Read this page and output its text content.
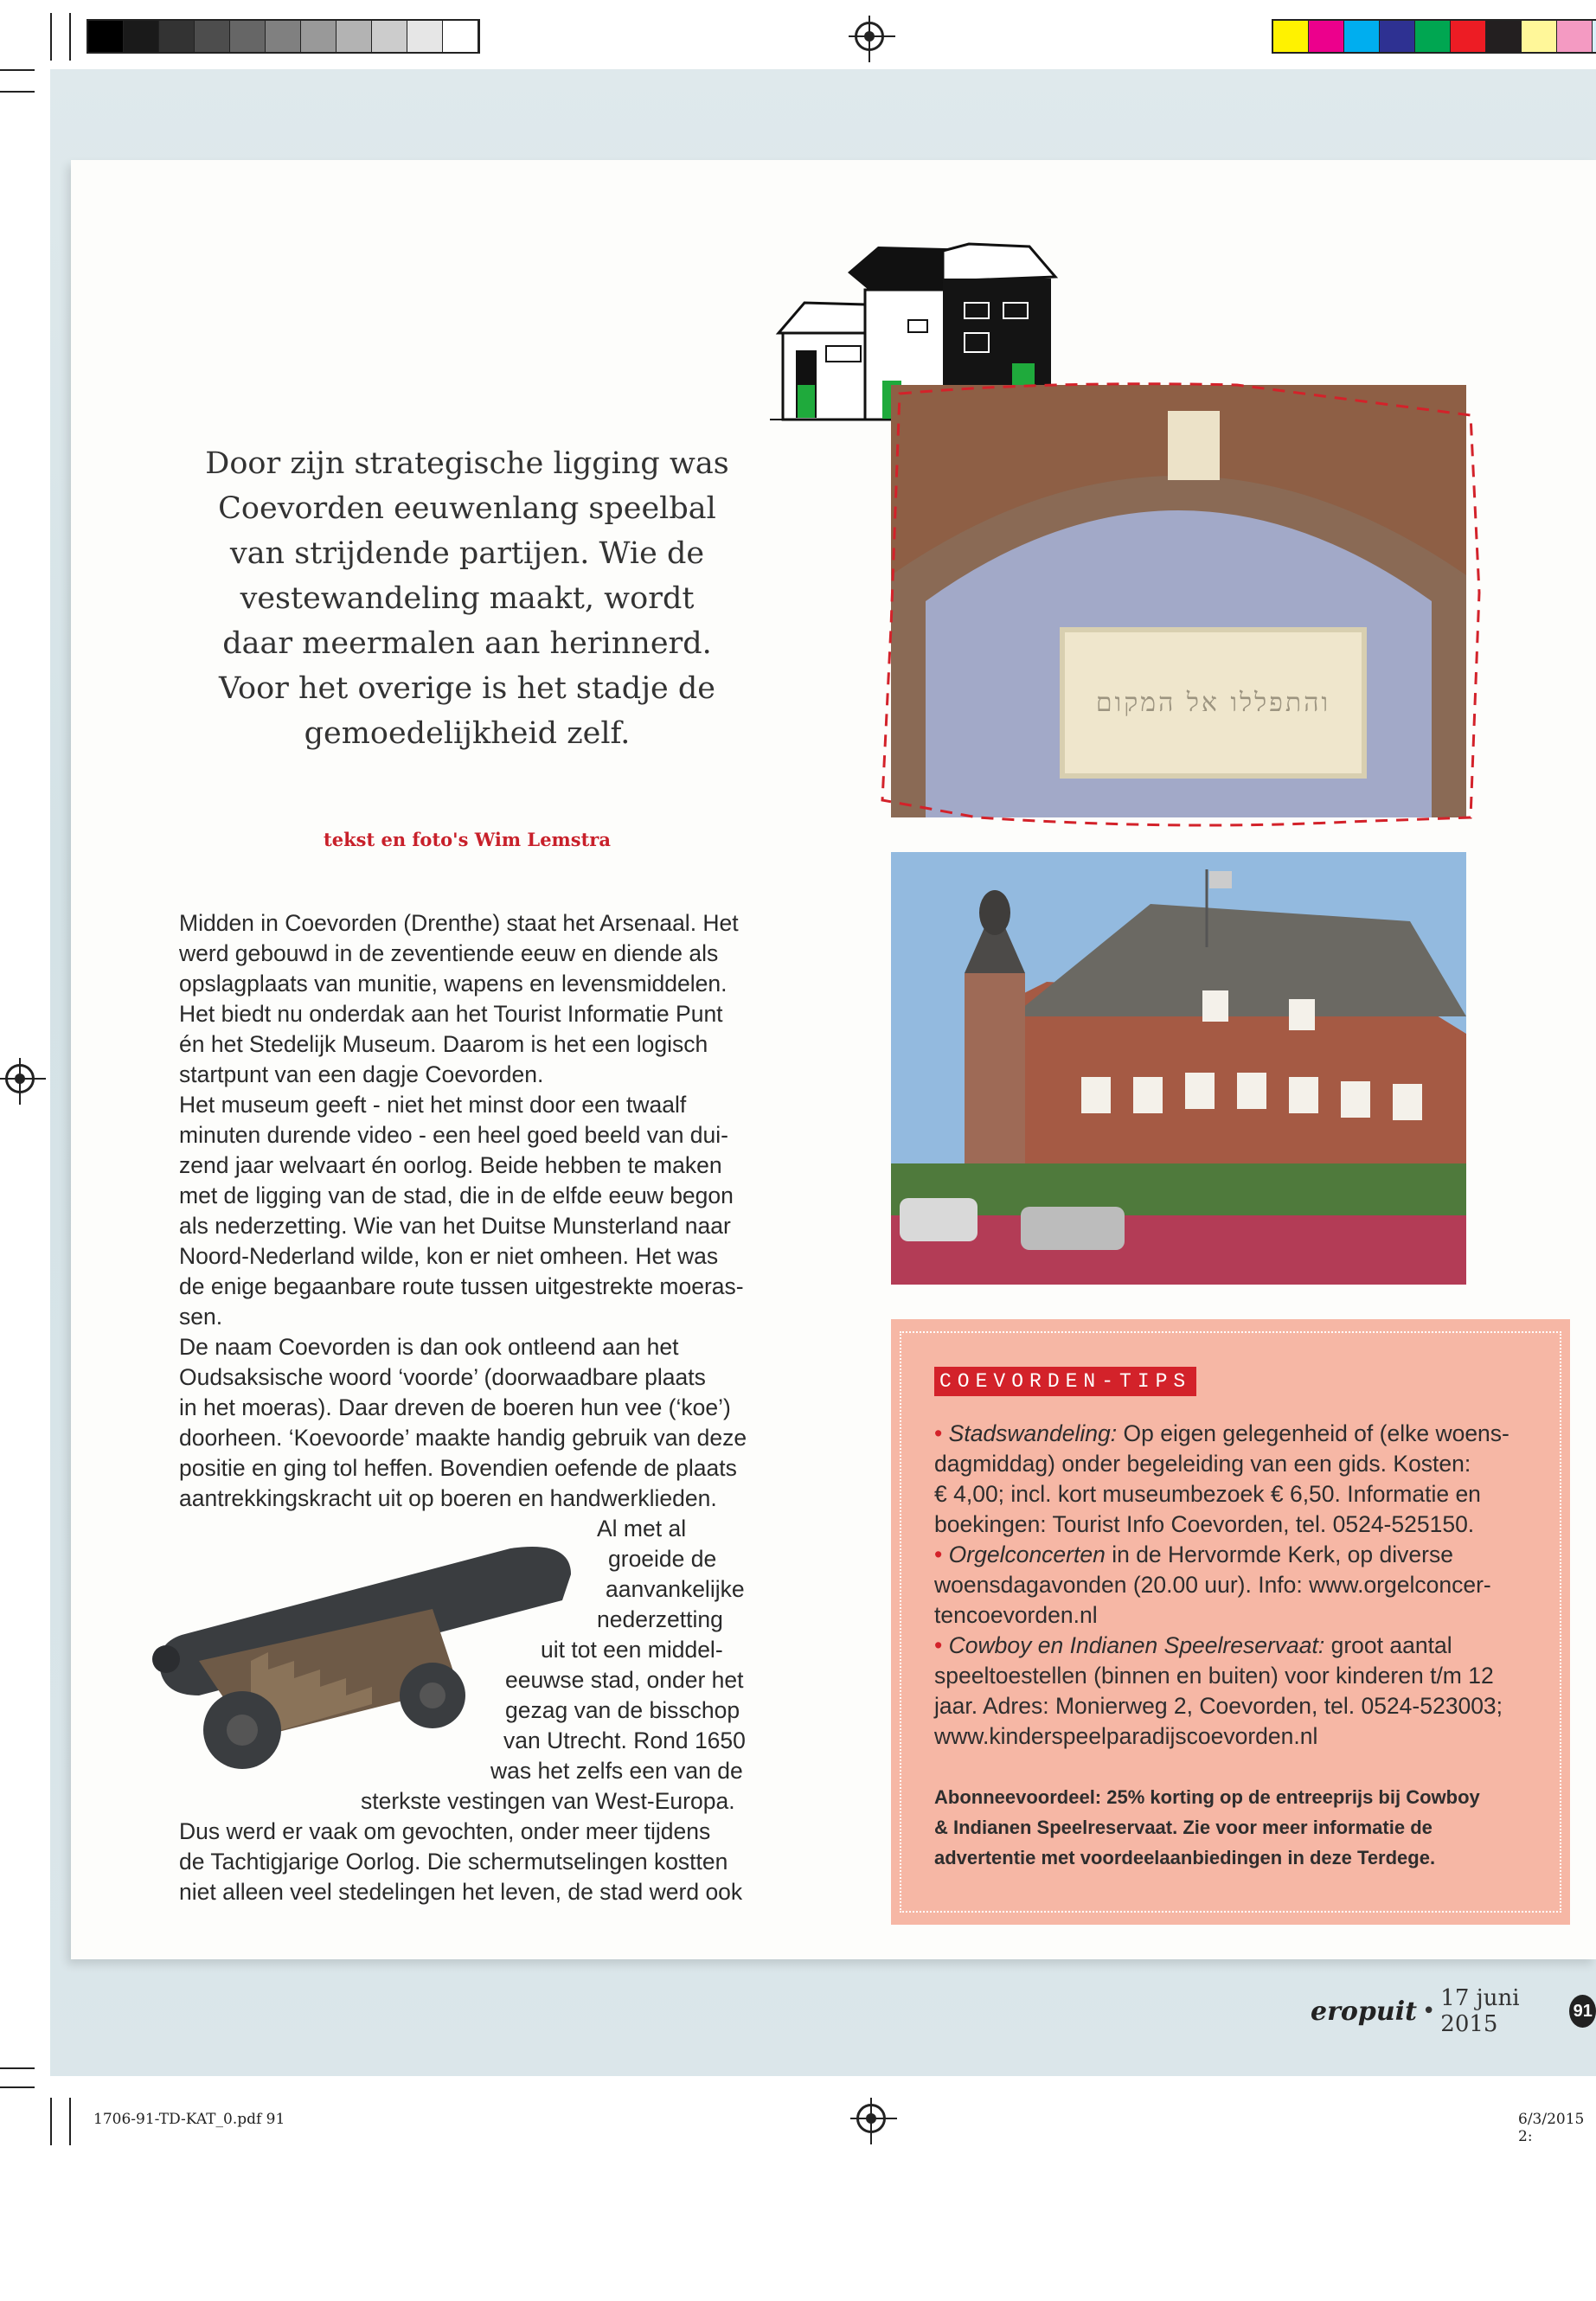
והתפללו אל המקום
Door zijn strategische ligging was
Coevorden eeuwenlang speelbal
van strijdende partijen. Wie de
vestewandeling maakt, wordt
daar meermalen aan herinnerd.
Voor het overige is het stadje de
gemoedelijkheid zelf.
tekst en foto's Wim Lemstra
Midden in Coevorden (Drenthe) staat het Arsenaal. Het
werd gebouwd in de zeventiende eeuw en diende als
opslagplaats van munitie, wapens en levensmiddelen.
Het biedt nu onderdak aan het Tourist Informatie Punt
én het Stedelijk Museum. Daarom is het een logisch
startpunt van een dagje Coevorden.
Het museum geeft - niet het minst door een twaalf
minuten durende video - een heel goed beeld van dui-
zend jaar welvaart én oorlog. Beide hebben te maken
met de ligging van de stad, die in de elfde eeuw begon
als nederzetting. Wie van het Duitse Munsterland naar
Noord-Nederland wilde, kon er niet omheen. Het was
de enige begaanbare route tussen uitgestrekte moeras-
sen.
De naam Coevorden is dan ook ontleend aan het
Oudsaksische woord ‘voorde’ (doorwaadbare plaats
in het moeras). Daar dreven de boeren hun vee (‘koe’)
doorheen. ‘Koevoorde’ maakte handig gebruik van deze
positie en ging tol heffen. Bovendien oefende de plaats
aantrekkingskracht uit op boeren en handwerklieden.
Al met al
groeide de
aanvankelijke
nederzetting
uit tot een middel-
eeuwse stad, onder het
gezag van de bisschop
van Utrecht. Rond 1650
was het zelfs een van de
sterkste vestingen van West-Europa.
Dus werd er vaak om gevochten, onder meer tijdens
de Tachtigjarige Oorlog. Die schermutselingen kostten
niet alleen veel stedelingen het leven, de stad werd ook
COEVORDEN-TIPS
• Stadswandeling: Op eigen gelegenheid of (elke woens-
dagmiddag) onder begeleiding van een gids. Kosten:
€ 4,00; incl. kort museumbezoek € 6,50. Informatie en
boekingen: Tourist Info Coevorden, tel. 0524-525150.
• Orgelconcerten in de Hervormde Kerk, op diverse
woensdagavonden (20.00 uur). Info: www.orgelconcer-
tencoevorden.nl
• Cowboy en Indianen Speelreservaat: groot aantal
speeltoestellen (binnen en buiten) voor kinderen t/m 12
jaar. Adres: Monierweg 2, Coevorden, tel. 0524-523003;
www.kinderspeelparadijscoevorden.nl
Abonneevoordeel: 25% korting op de entreeprijs bij Cowboy
& Indianen Speelreservaat. Zie voor meer informatie de
advertentie met voordeelaanbiedingen in deze Terdege.
eropuit • 17 juni 2015
91
1706-91-TD-KAT_0.pdf 91	6/3/2015 2:
